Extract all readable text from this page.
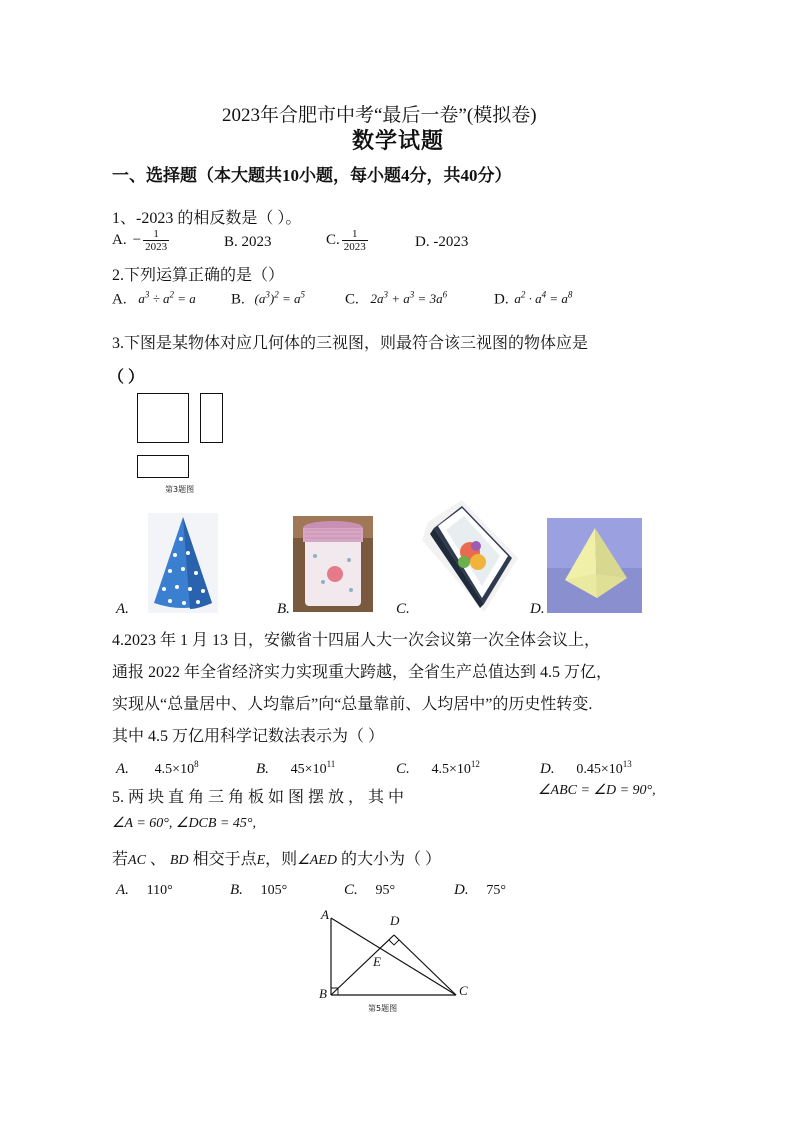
2023年合肥市中考“最后一卷”(模拟卷)
数学试题
一、选择题（本大题共10小题，每小题4分，共40分）
1、-2023 的相反数是（ ）。
A. − $\frac{1}{2023}$	B. 2023	C. $\frac{1}{2023}$	D. -2023
2.下列运算正确的是（）
A. $a^3 \div a^2 = a$ B. $(a^3)^2 = a^5$	C. $2a^3 + a^3 = 3a^6$	D. $a^2 \cdot a^4 = a^8$
3.下图是某物体对应几何体的三视图，则最符合该三视图的物体应是
（ ）
第3题图
A.	B.	C.	D.
4.2023 年 1 月 13 日，安徽省十四届人大一次会议第一次全体会议上，
通报 2022 年全省经济实力实现重大跨越，全省生产总值达到 4.5 万亿，
实现从“总量居中、人均靠后”向“总量靠前、人均居中”的历史性转变.
其中 4.5 万亿用科学记数法表示为（ ）
A. $4.5\times 10^8$	B. $45\times 10^{11}$	C. $4.5\times 10^{12}$	D. $0.45\times 10^{13}$
5. 两 块 直 角 三 角 板 如 图 摆 放 ， 其 中	∠ABC = ∠D = 90°,
∠A = 60°, ∠DCB = 45°,
若AC 、 BD 相交于点E，则∠AED 的大小为（ ）
A. 110°	B. 105°	C. 95°	D. 75°
A	D
E
B	C
第5题图
